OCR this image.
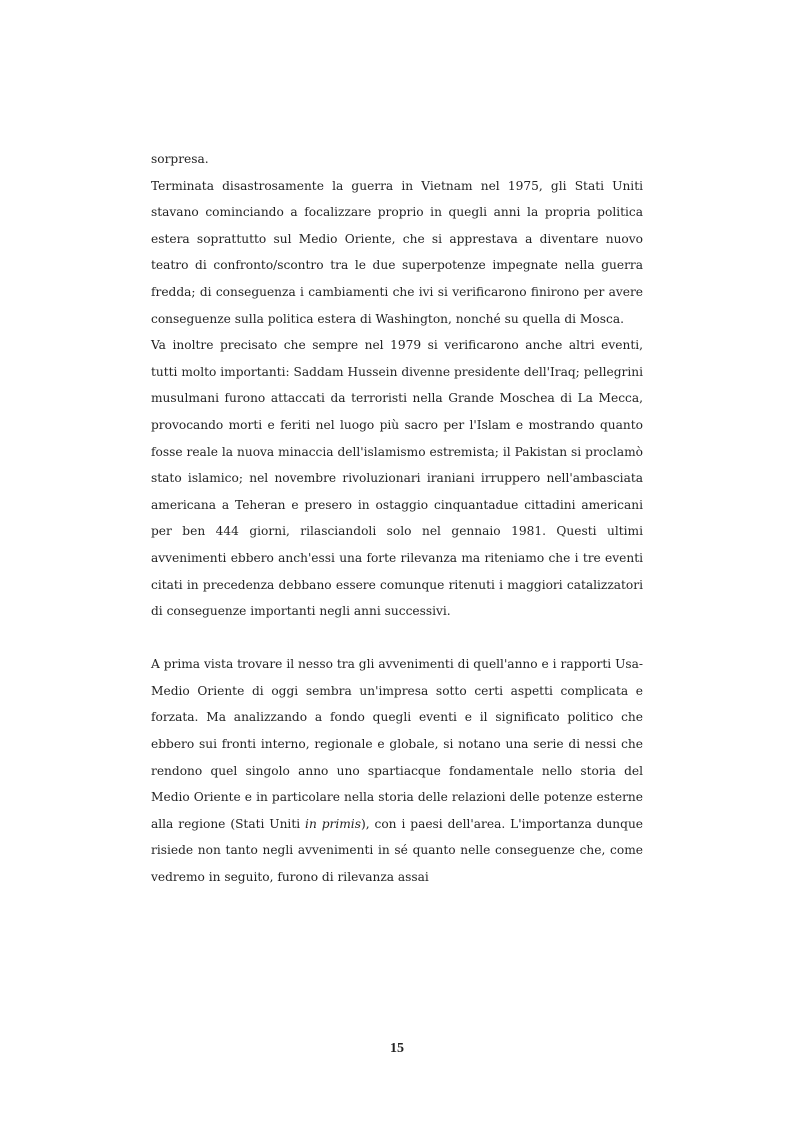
sorpresa.

Terminata disastrosamente la guerra in Vietnam nel 1975, gli Stati Uniti stavano cominciando a focalizzare proprio in quegli anni la propria politica estera soprattutto sul Medio Oriente, che si apprestava a diventare nuovo teatro di confronto/scontro tra le due superpotenze impegnate nella guerra fredda; di conseguenza i cambiamenti che ivi si verificarono finirono per avere conseguenze sulla politica estera di Washington, nonché su quella di Mosca.

Va inoltre precisato che sempre nel 1979 si verificarono anche altri eventi, tutti molto importanti: Saddam Hussein divenne presidente dell'Iraq; pellegrini musulmani furono attaccati da terroristi nella Grande Moschea di La Mecca, provocando morti e feriti nel luogo più sacro per l'Islam e mostrando quanto fosse reale la nuova minaccia dell'islamismo estremista; il Pakistan si proclamò stato islamico; nel novembre rivoluzionari iraniani irruppero nell'ambasciata americana a Teheran e presero in ostaggio cinquantadue cittadini americani per ben 444 giorni, rilasciandoli solo nel gennaio 1981. Questi ultimi avvenimenti ebbero anch'essi una forte rilevanza ma riteniamo che i tre eventi citati in precedenza debbano essere comunque ritenuti i maggiori catalizzatori di conseguenze importanti negli anni successivi.

A prima vista trovare il nesso tra gli avvenimenti di quell'anno e i rapporti Usa-Medio Oriente di oggi sembra un'impresa sotto certi aspetti complicata e forzata. Ma analizzando a fondo quegli eventi e il significato politico che ebbero sui fronti interno, regionale e globale, si notano una serie di nessi che rendono quel singolo anno uno spartiacque fondamentale nello storia del Medio Oriente e in particolare nella storia delle relazioni delle potenze esterne alla regione (Stati Uniti in primis), con i paesi dell'area. L'importanza dunque risiede non tanto negli avvenimenti in sé quanto nelle conseguenze che, come vedremo in seguito, furono di rilevanza assai

15
